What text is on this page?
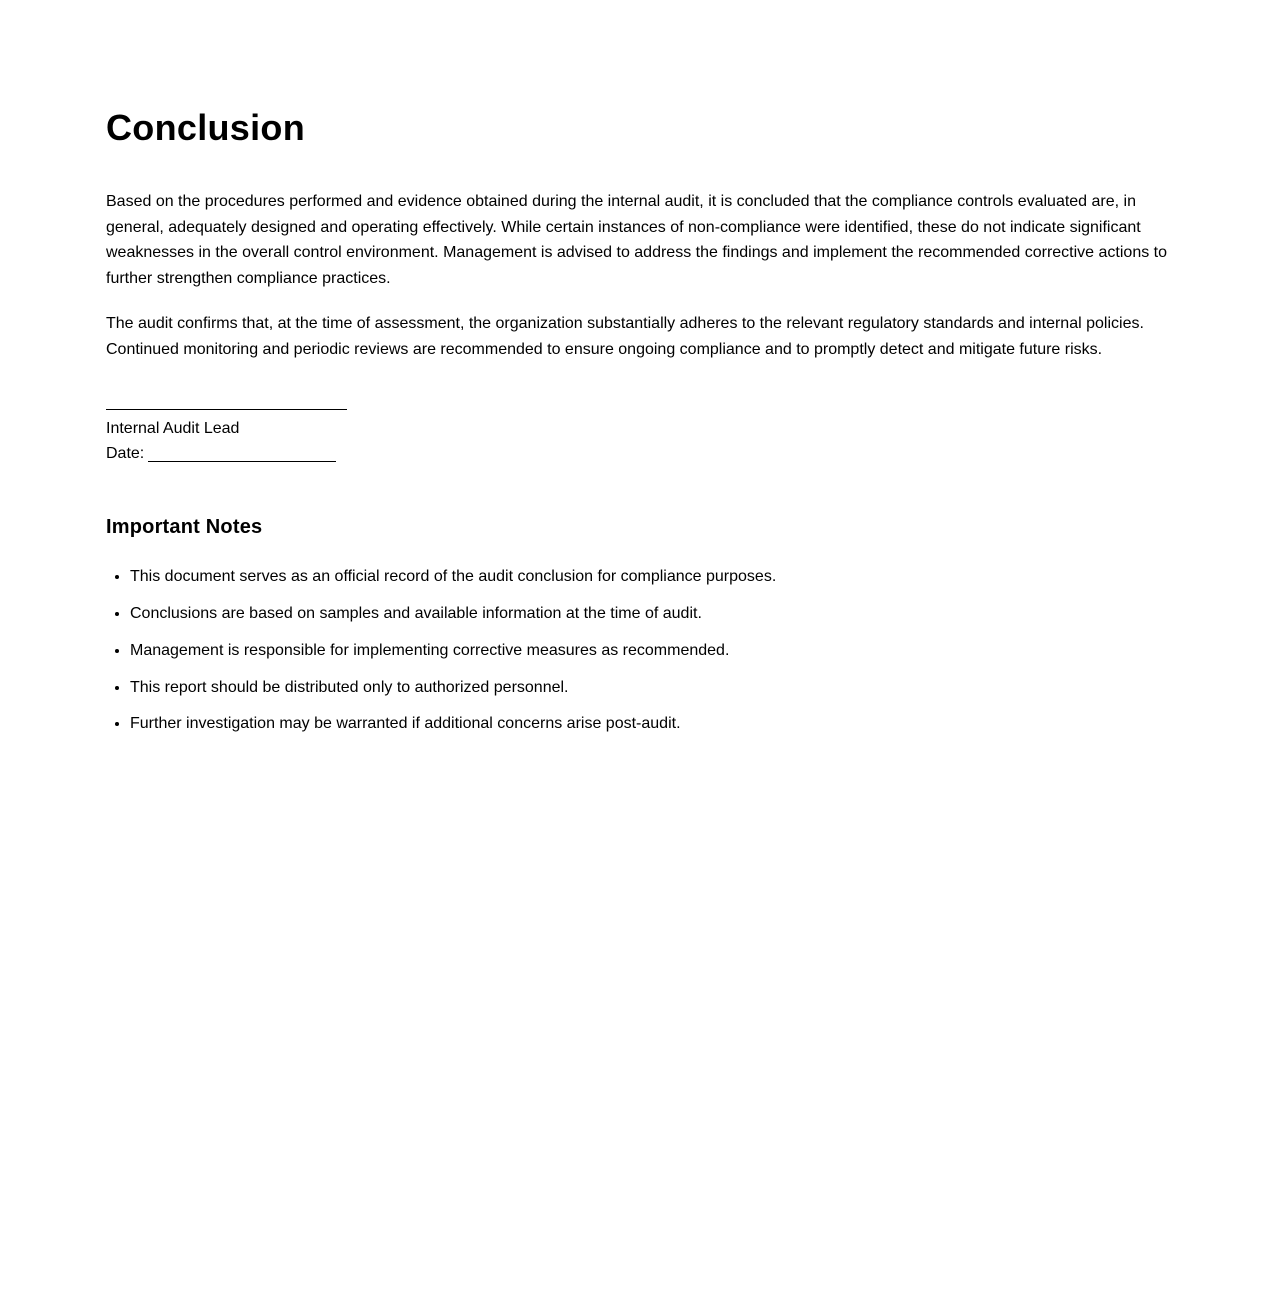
Conclusion

Based on the procedures performed and evidence obtained during the internal audit, it is concluded that the compliance controls evaluated are, in general, adequately designed and operating effectively. While certain instances of non-compliance were identified, these do not indicate significant weaknesses in the overall control environment. Management is advised to address the findings and implement the recommended corrective actions to further strengthen compliance practices.

The audit confirms that, at the time of assessment, the organization substantially adheres to the relevant regulatory standards and internal policies. Continued monitoring and periodic reviews are recommended to ensure ongoing compliance and to promptly detect and mitigate future risks.

Internal Audit Lead
Date:
Important Notes
• This document serves as an official record of the audit conclusion for compliance purposes.
• Conclusions are based on samples and available information at the time of audit.
• Management is responsible for implementing corrective measures as recommended.
• This report should be distributed only to authorized personnel.
• Further investigation may be warranted if additional concerns arise post-audit.
